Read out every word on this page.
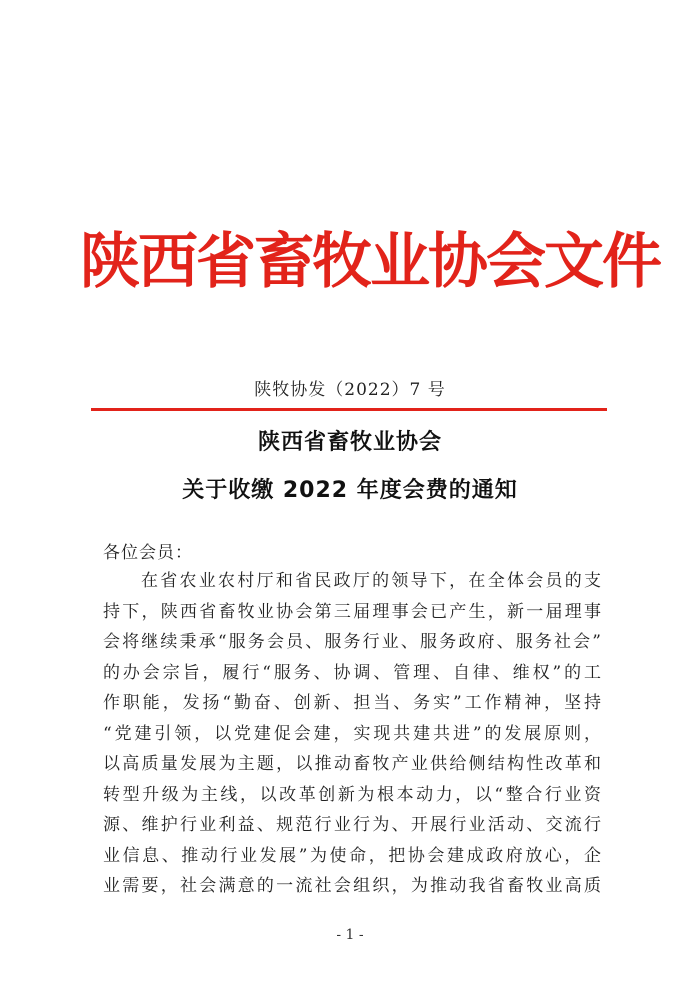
陕西省畜牧业协会文件
陕牧协发（2022）7 号
陕西省畜牧业协会
关于收缴 2022 年度会费的通知
各位会员：
在省农业农村厅和省民政厅的领导下，在全体会员的支
持下，陕西省畜牧业协会第三届理事会已产生，新一届理事
会将继续秉承“服务会员、服务行业、服务政府、服务社会”
的办会宗旨，履行“服务、协调、管理、自律、维权”的工
作职能，发扬“勤奋、创新、担当、务实”工作精神，坚持
“党建引领，以党建促会建，实现共建共进”的发展原则，
以高质量发展为主题，以推动畜牧产业供给侧结构性改革和
转型升级为主线，以改革创新为根本动力，以“整合行业资
源、维护行业利益、规范行业行为、开展行业活动、交流行
业信息、推动行业发展”为使命，把协会建成政府放心，企
业需要，社会满意的一流社会组织，为推动我省畜牧业高质
- 1 -
